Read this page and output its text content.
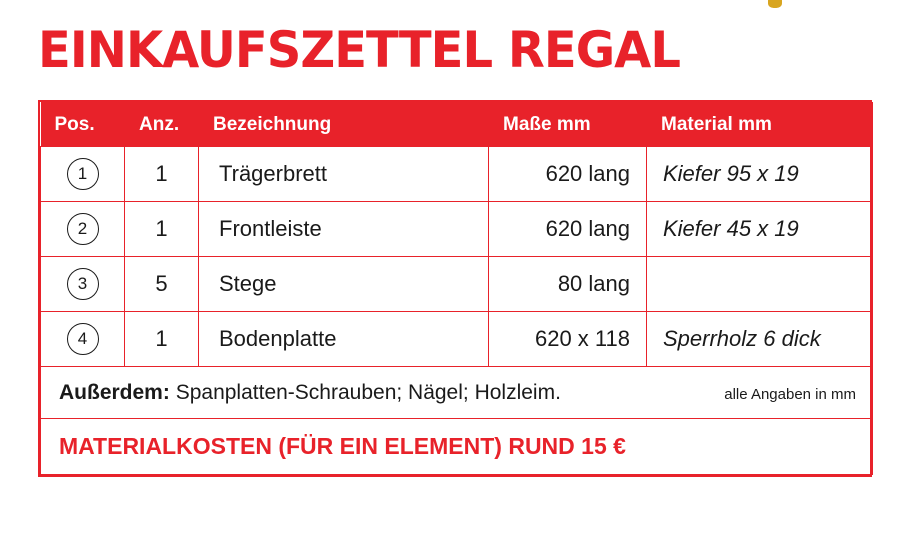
EINKAUFSZETTEL REGAL
Pos.	Anz.	Bezeichnung	Maße mm	Material mm

1	1	Trägerbrett	620 lang	Kiefer 95 x 19

2	1	Frontleiste	620 lang	Kiefer 45 x 19

3	5	Stege	80 lang	

4	1	Bodenplatte	620 x 118	Sperrholz 6 dick

Außerdem: Spanplatten-Schrauben; Nägel; Holzleim. alle Angaben in mm				

MATERIALKOSTEN (FÜR EIN ELEMENT) RUND 15 €				
